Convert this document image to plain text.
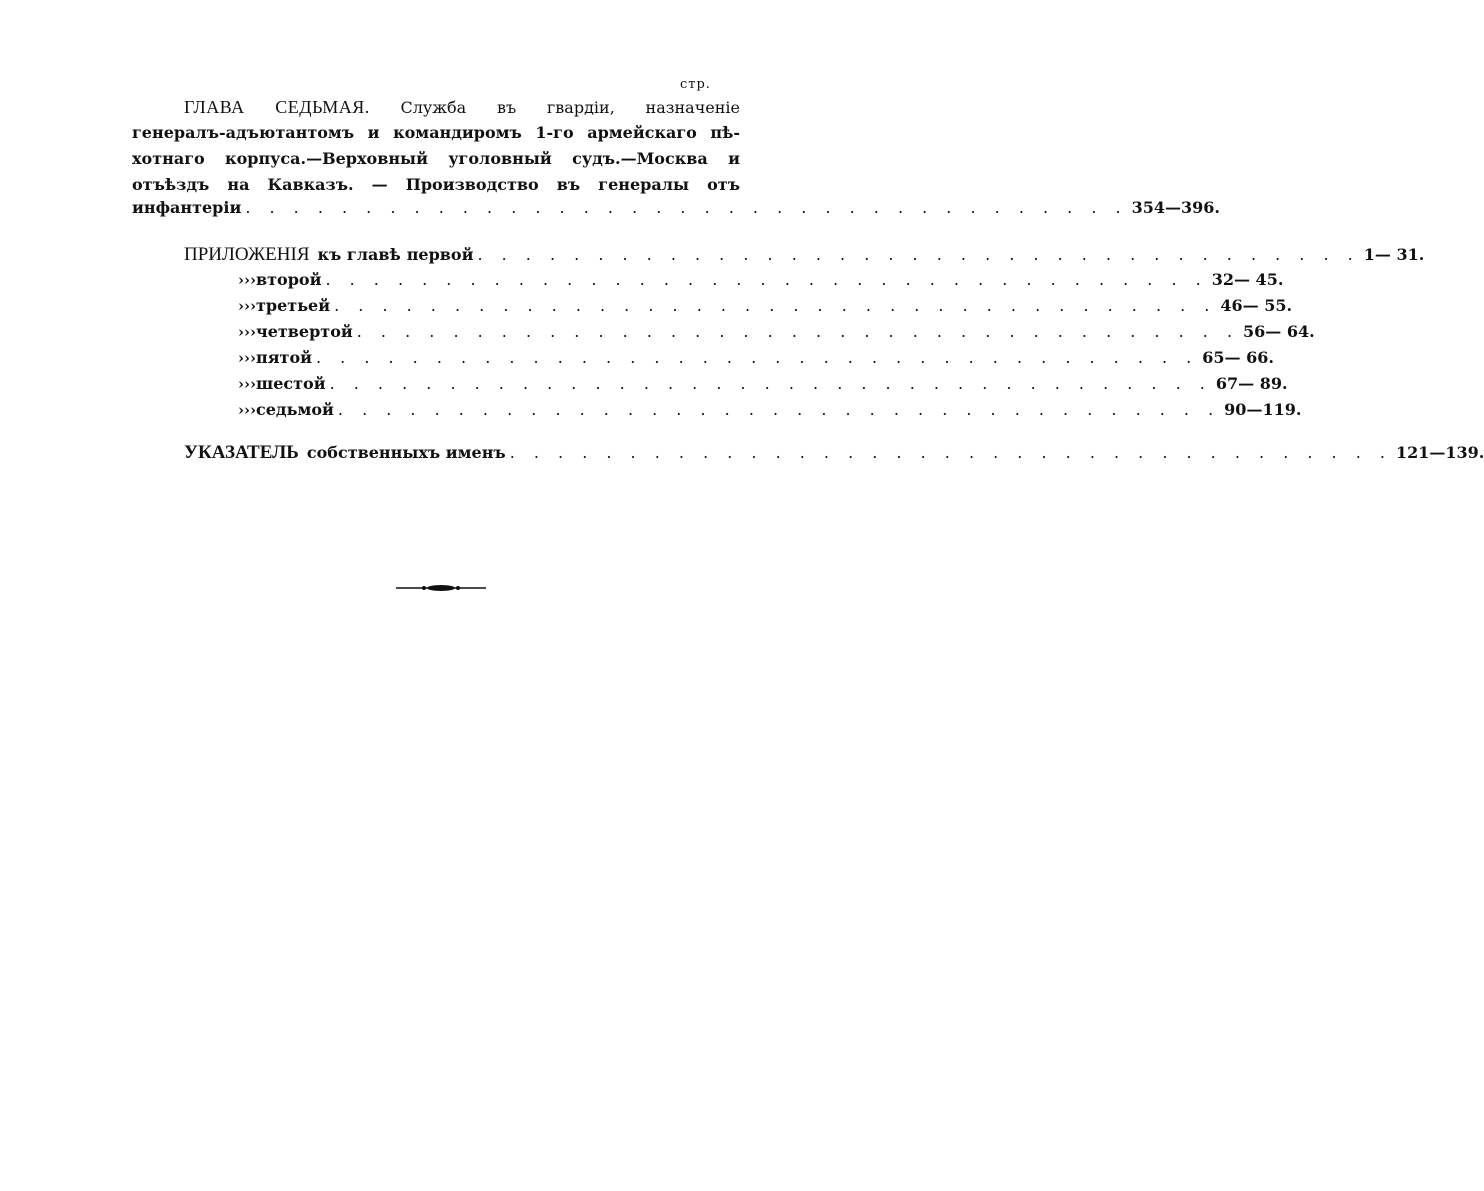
стр.
ГЛАВА СЕДЬМАЯ. Служба въ гвардіи, назначеніе
генералъ-адъютантомъ и командиромъ 1-го армейскаго пѣ-
хотнаго корпуса.—Верховный уголовный судъ.—Москва и
отъѣздъ на Кавказъ. — Производство въ генералы отъ
инфантеріи . . . . . . . . . . . . . . . . . . . . . . . . . . . . . . . . . . . . . 354—396.
ПРИЛОЖЕНІЯ къ главѣ первой . . . . . . . . . . . . . . . . . . . . . . . . . . . . . . . . . . . . . 1— 31.
› › › второй . . . . . . . . . . . . . . . . . . . . . . . . . . . . . . . . . . . . . 32— 45.
› › › третьей . . . . . . . . . . . . . . . . . . . . . . . . . . . . . . . . . . . . . 46— 55.
› › › четвертой . . . . . . . . . . . . . . . . . . . . . . . . . . . . . . . . . . . . . 56— 64.
› › › пятой . . . . . . . . . . . . . . . . . . . . . . . . . . . . . . . . . . . . . 65— 66.
› › › шестой . . . . . . . . . . . . . . . . . . . . . . . . . . . . . . . . . . . . . 67— 89.
› › › седьмой . . . . . . . . . . . . . . . . . . . . . . . . . . . . . . . . . . . . . 90—119.
УКАЗАТЕЛЬ собственныхъ именъ . . . . . . . . . . . . . . . . . . . . . . . . . . . . . . . . . . . . . 121—139.
